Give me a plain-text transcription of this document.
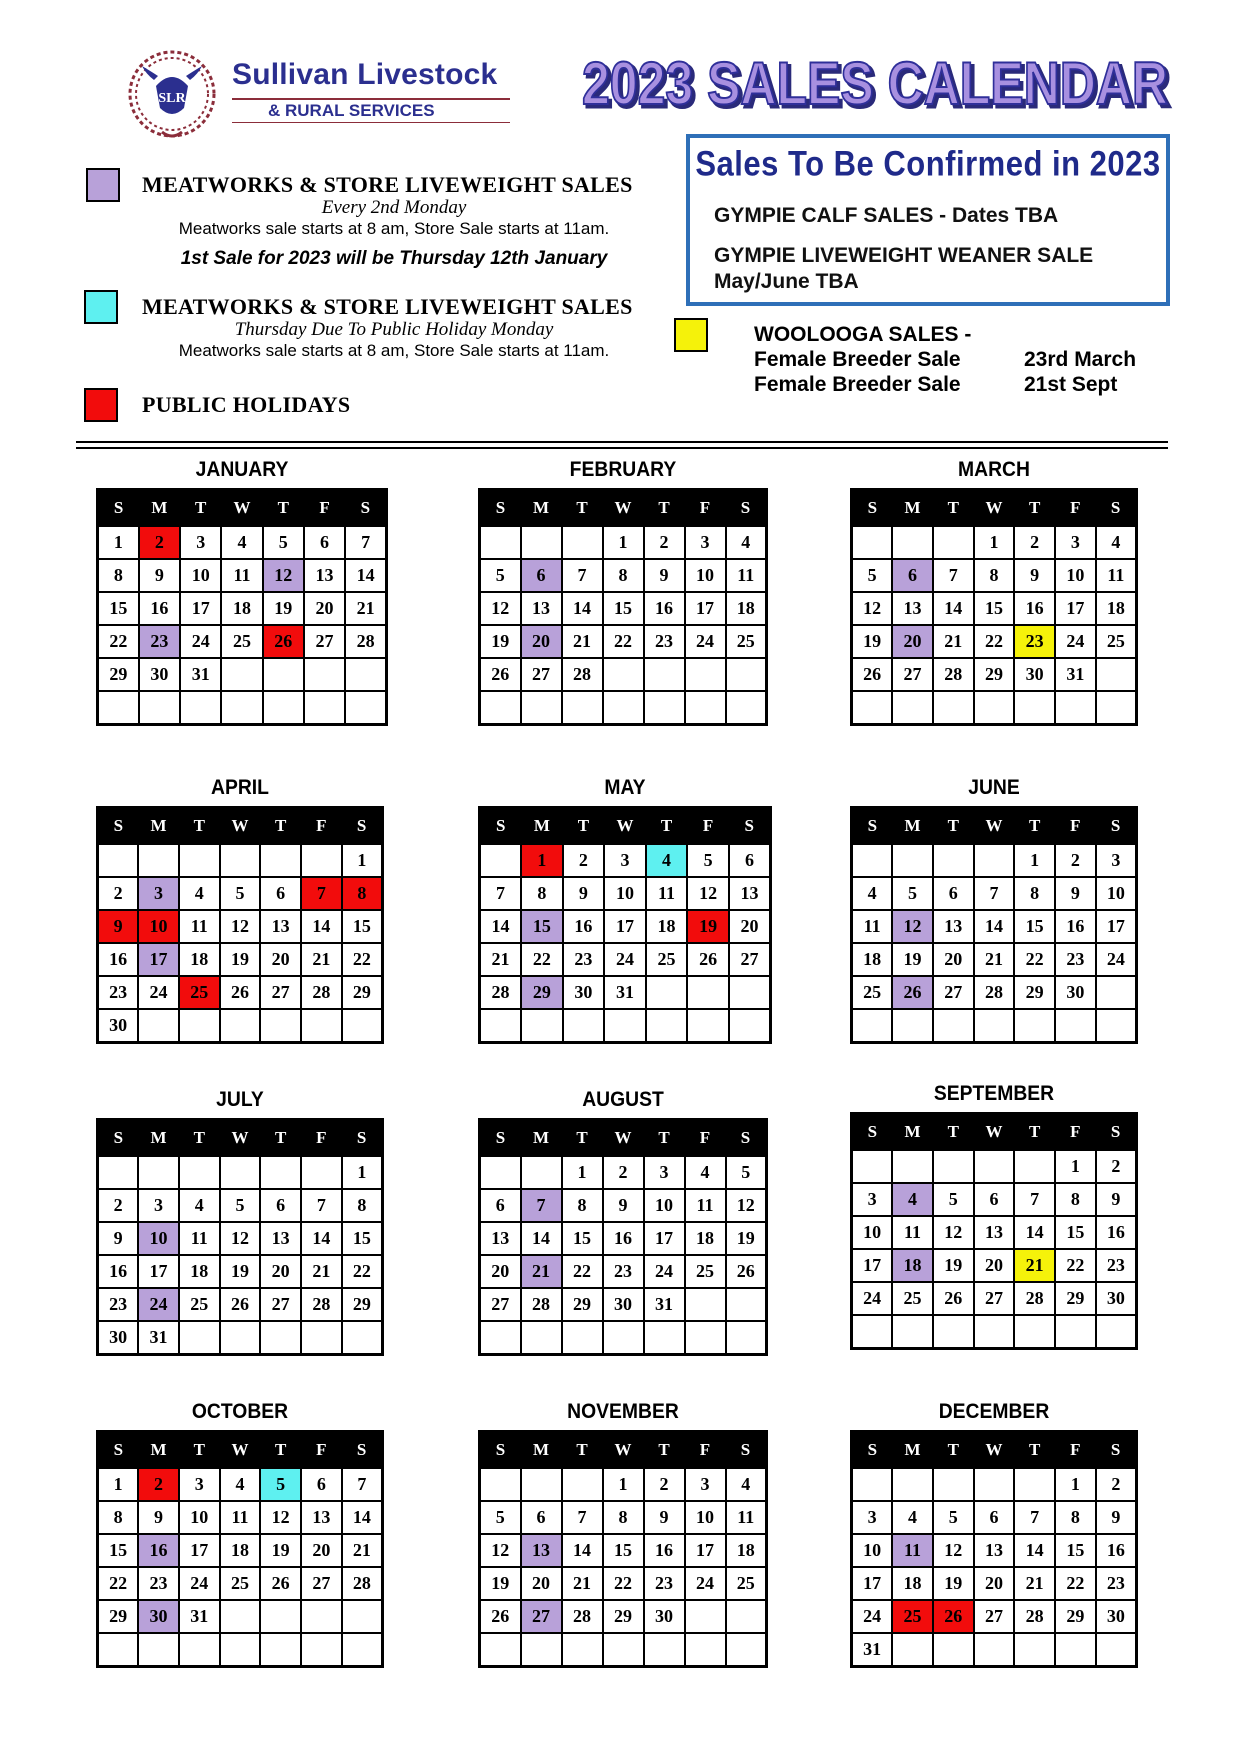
SLR
Sullivan Livestock
& RURAL SERVICES	2023 SALES CALENDAR
2023 SALES CALENDAR
MEATWORKS & STORE LIVEWEIGHT SALES
Every 2nd Monday
Meatworks sale starts at 8 am, Store Sale starts at 11am.
1st Sale for 2023 will be Thursday 12th January
MEATWORKS & STORE LIVEWEIGHT SALES
Thursday Due To Public Holiday Monday
Meatworks sale starts at 8 am, Store Sale starts at 11am.
PUBLIC HOLIDAYS
Sales To Be Confirmed in 2023
GYMPIE CALF SALES - Dates TBA
GYMPIE LIVEWEIGHT WEANER SALE
May/June TBA
WOOLOOGA SALES -
Female Breeder Sale	23rd March
Female Breeder Sale	21st Sept
JANUARY
S	M	T	W	T	F	S
1	2	3	4	5	6	7
8	9	10	11	12	13	14
15	16	17	18	19	20	21
22	23	24	25	26	27	28
29	30	31				

FEBRUARY
S	M	T	W	T	F	S
			1	2	3	4
5	6	7	8	9	10	11
12	13	14	15	16	17	18
19	20	21	22	23	24	25
26	27	28				

MARCH
S	M	T	W	T	F	S
			1	2	3	4
5	6	7	8	9	10	11
12	13	14	15	16	17	18
19	20	21	22	23	24	25
26	27	28	29	30	31	

APRIL
S	M	T	W	T	F	S
						1
2	3	4	5	6	7	8
9	10	11	12	13	14	15
16	17	18	19	20	21	22
23	24	25	26	27	28	29
30						
MAY
S	M	T	W	T	F	S
	1	2	3	4	5	6
7	8	9	10	11	12	13
14	15	16	17	18	19	20
21	22	23	24	25	26	27
28	29	30	31			

JUNE
S	M	T	W	T	F	S
				1	2	3
4	5	6	7	8	9	10
11	12	13	14	15	16	17
18	19	20	21	22	23	24
25	26	27	28	29	30	

JULY
S	M	T	W	T	F	S
						1
2	3	4	5	6	7	8
9	10	11	12	13	14	15
16	17	18	19	20	21	22
23	24	25	26	27	28	29
30	31					
AUGUST
S	M	T	W	T	F	S
		1	2	3	4	5
6	7	8	9	10	11	12
13	14	15	16	17	18	19
20	21	22	23	24	25	26
27	28	29	30	31		

SEPTEMBER
S	M	T	W	T	F	S
					1	2
3	4	5	6	7	8	9
10	11	12	13	14	15	16
17	18	19	20	21	22	23
24	25	26	27	28	29	30

OCTOBER
S	M	T	W	T	F	S
1	2	3	4	5	6	7
8	9	10	11	12	13	14
15	16	17	18	19	20	21
22	23	24	25	26	27	28
29	30	31				

NOVEMBER
S	M	T	W	T	F	S
			1	2	3	4
5	6	7	8	9	10	11
12	13	14	15	16	17	18
19	20	21	22	23	24	25
26	27	28	29	30		

DECEMBER
S	M	T	W	T	F	S
					1	2
3	4	5	6	7	8	9
10	11	12	13	14	15	16
17	18	19	20	21	22	23
24	25	26	27	28	29	30
31						
